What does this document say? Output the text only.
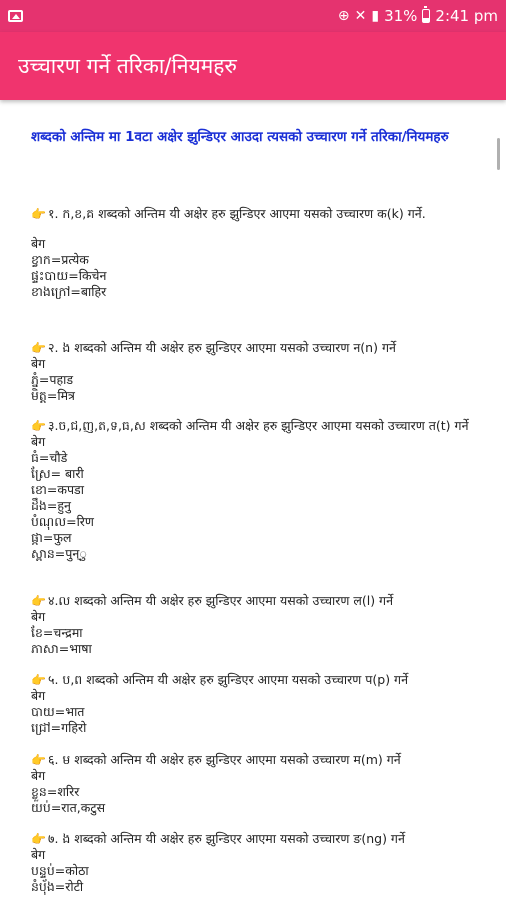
⊕ ✕ ▮ 31% 2:41 pm
उच्चारण गर्ने तरिका/नियमहरु
शब्दको अन्तिम मा 1वटा अक्षेर झुन्डिएर आउदा त्यसको उच्चारण गर्ने तरिका/नियमहरु
👉 १. ក,ខ,គ शब्दको अन्तिम यी अक्षेर हरु झुन्डिएर आएमा यसको उच्चारण क(k) गर्ने.
बेग
ខ្វាក=प्रत्येक
ផ្ទះបាយ=किचेन
ខាងក្រៅ=बाहिर
👉 २. ង शब्दको अन्तिम यी अक्षेर हरु झुन्डिएर आएमा यसको उच्चारण न(n) गर्ने
बेग
ភ្នំ=पहाड
មិត្ត=मित्र
👉 ३.ច,ជ,ញ,ត,ទ,ធ,ស शब्दको अन्तिम यी अक्षेर हरु झुन्डिएर आएमा यसको उच्चारण त(t) गर्ने
बेग
ធំ=चौडे
ស្រែ= बारी
ខោ=कपडा
ដឹង=हुनु
បំណុល=रिण
ផ្កា=फुल
ស្ពាន=पुन्ु
👉 ४.ល शब्दको अन्तिम यी अक्षेर हरु झुन्डिएर आएमा यसको उच्चारण ल(l) गर्ने
बेग
ខែ=चन्द्रमा
ភាសា=भाषा
👉 ५. ប,ព शब्दको अन्तिम यी अक्षेर हरु झुन्डिएर आएमा यसको उच्चारण प(p) गर्ने
बेग
បាយ=भात
ជ្រៅ=गहिरो
👉 ६. ម शब्दको अन्तिम यी अक्षेर हरु झुन्डिएर आएमा यसको उच्चारण म(m) गर्ने
बेग
ខ្លួន=शरिर
យប់=रात,कटुस
👉 ७. ង शब्दको अन्तिम यी अक्षेर हरु झुन्डिएर आएमा यसको उच्चारण ङ(ng) गर्ने
बेग
បន្ទប់=कोठा
នំបុ័ង=रोटी
